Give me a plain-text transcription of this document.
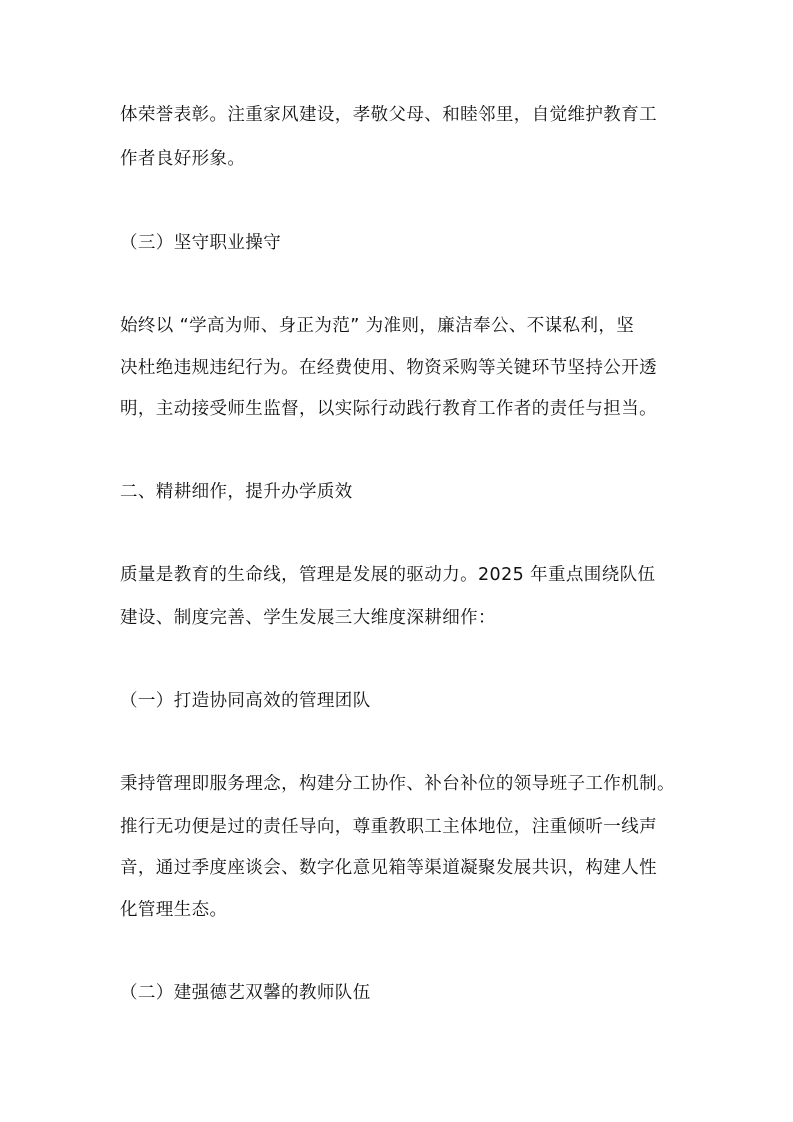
体荣誉表彰。注重家风建设，孝敬父母、和睦邻里，自觉维护教育工
作者良好形象。
（三）坚守职业操守
始终以 “学高为师、身正为范” 为准则，廉洁奉公、不谋私利，坚
决杜绝违规违纪行为。在经费使用、物资采购等关键环节坚持公开透
明，主动接受师生监督，以实际行动践行教育工作者的责任与担当。
二、精耕细作，提升办学质效
质量是教育的生命线，管理是发展的驱动力。2025 年重点围绕队伍
建设、制度完善、学生发展三大维度深耕细作：
（一）打造协同高效的管理团队
秉持管理即服务理念，构建分工协作、补台补位的领导班子工作机制。
推行无功便是过的责任导向，尊重教职工主体地位，注重倾听一线声
音，通过季度座谈会、数字化意见箱等渠道凝聚发展共识，构建人性
化管理生态。
（二）建强德艺双馨的教师队伍
